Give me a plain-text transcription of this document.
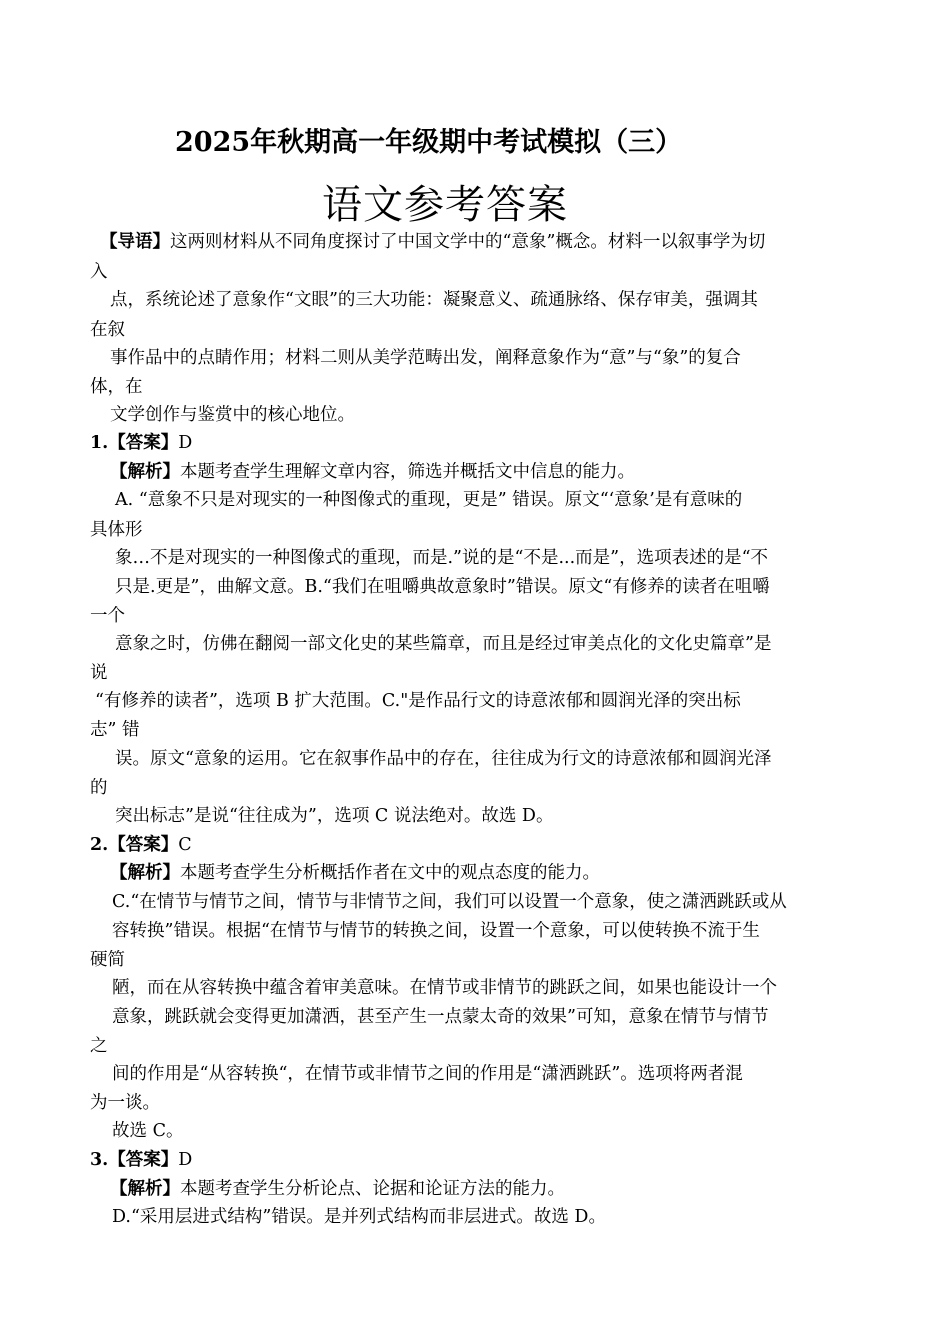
2025年秋期高一年级期中考试模拟（三）
语文参考答案
【导语】这两则材料从不同角度探讨了中国文学中的“意象”概念。材料一以叙事学为切
入
点，系统论述了意象作“文眼”的三大功能：凝聚意义、疏通脉络、保存审美，强调其
在叙
事作品中的点睛作用；材料二则从美学范畴出发，阐释意象作为“意”与“象”的复合
体，在
文学创作与鉴赏中的核心地位。
1.【答案】D
【解析】本题考查学生理解文章内容，筛选并概括文中信息的能力。
A. “意象不只是对现实的一种图像式的重现，更是” 错误。原文“‘意象’是有意味的
具体形
象…不是对现实的一种图像式的重现，而是.”说的是“不是...而是”，选项表述的是“不
只是.更是”，曲解文意。B.“我们在咀嚼典故意象时”错误。原文“有修养的读者在咀嚼
一个
意象之时，仿佛在翻阅一部文化史的某些篇章，而且是经过审美点化的文化史篇章”是
说
“有修养的读者”，选项 B 扩大范围。C."是作品行文的诗意浓郁和圆润光泽的突出标
志” 错
误。原文“意象的运用。它在叙事作品中的存在，往往成为行文的诗意浓郁和圆润光泽
的
突出标志”是说“往往成为”，选项 C 说法绝对。故选 D。
2.【答案】C
【解析】本题考查学生分析概括作者在文中的观点态度的能力。
C.“在情节与情节之间，情节与非情节之间，我们可以设置一个意象，使之潇洒跳跃或从
容转换”错误。根据“在情节与情节的转换之间，设置一个意象，可以使转换不流于生
硬简
陋，而在从容转换中蕴含着审美意味。在情节或非情节的跳跃之间，如果也能设计一个
意象，跳跃就会变得更加潇洒，甚至产生一点蒙太奇的效果”可知，意象在情节与情节
之
间的作用是“从容转换“，在情节或非情节之间的作用是“潇洒跳跃”。选项将两者混
为一谈。
故选 C。
3.【答案】D
【解析】本题考查学生分析论点、论据和论证方法的能力。
D.“采用层进式结构”错误。是并列式结构而非层进式。故选 D。
